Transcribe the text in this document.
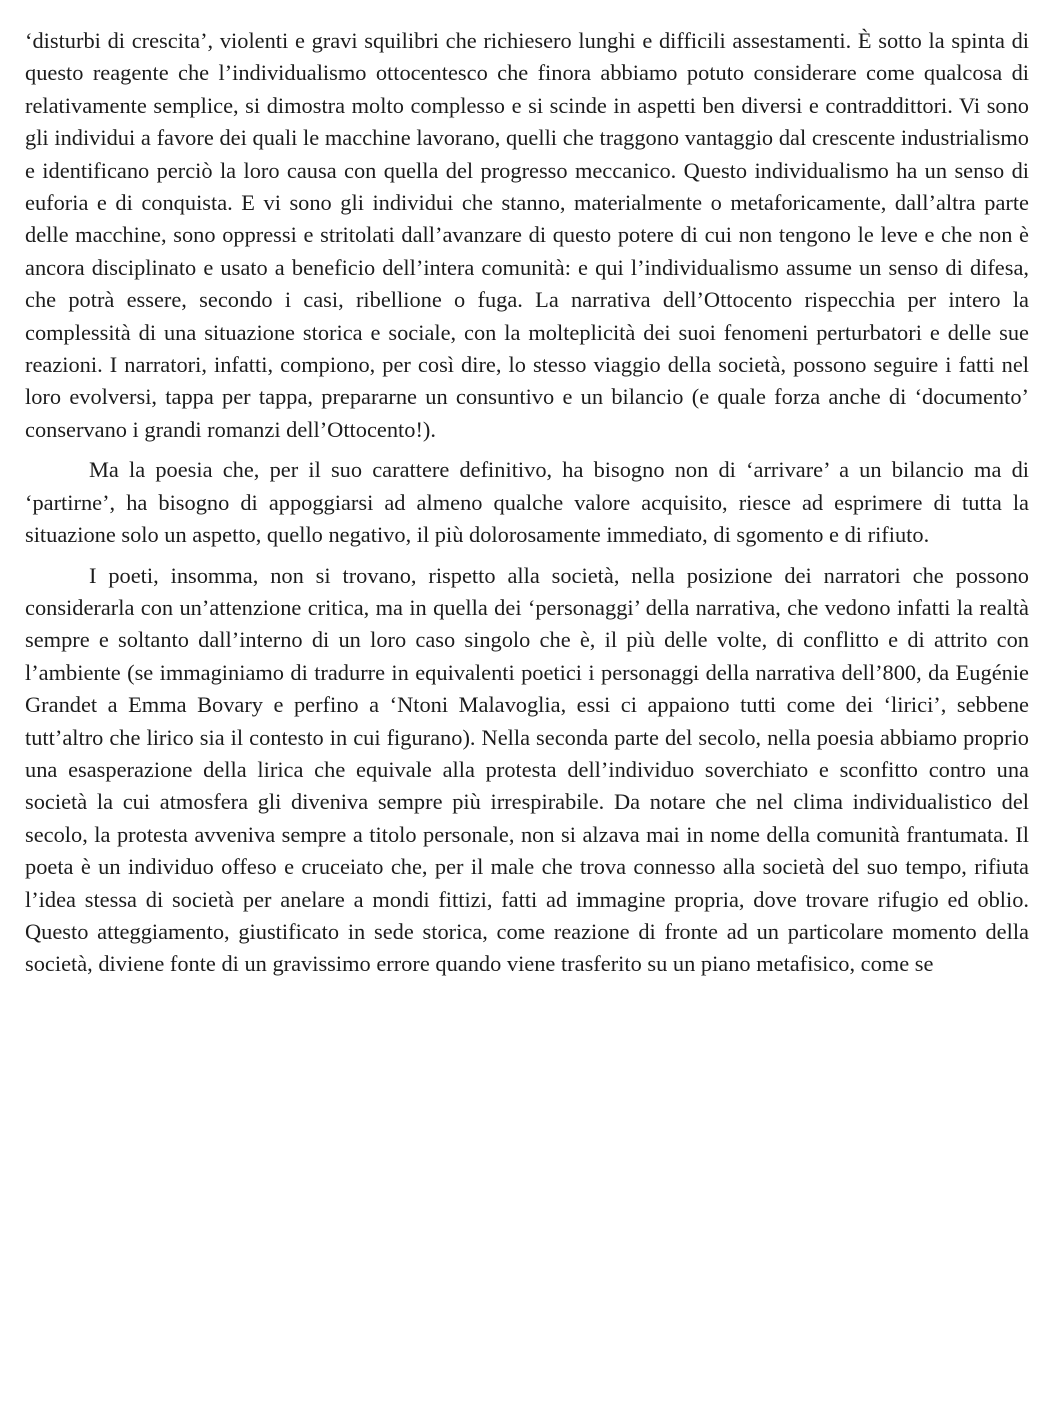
‘disturbi di crescita’, violenti e gravi squilibri che richiesero lunghi e difficili assestamenti. È sotto la spinta di questo reagente che l’individualismo ottocentesco che finora abbiamo potuto considerare come qualcosa di relativamente semplice, si dimostra molto complesso e si scinde in aspetti ben diversi e contraddittori. Vi sono gli individui a favore dei quali le macchine lavorano, quelli che traggono vantaggio dal crescente industrialismo e identificano perciò la loro causa con quella del progresso meccanico. Questo individualismo ha un senso di euforia e di conquista. E vi sono gli individui che stanno, materialmente o metaforicamente, dall’altra parte delle macchine, sono oppressi e stritolati dall’avanzare di questo potere di cui non tengono le leve e che non è ancora disciplinato e usato a beneficio dell’intera comunità: e qui l’individualismo assume un senso di difesa, che potrà essere, secondo i casi, ribellione o fuga. La narrativa dell’Ottocento rispecchia per intero la complessità di una situazione storica e sociale, con la molteplicità dei suoi fenomeni perturbatori e delle sue reazioni. I narratori, infatti, compiono, per così dire, lo stesso viaggio della società, possono seguire i fatti nel loro evolversi, tappa per tappa, prepararne un consuntivo e un bilancio (e quale forza anche di ‘documento’ conservano i grandi romanzi dell’Ottocento!).

Ma la poesia che, per il suo carattere definitivo, ha bisogno non di ‘arrivare’ a un bilancio ma di ‘partirne’, ha bisogno di appoggiarsi ad almeno qualche valore acquisito, riesce ad esprimere di tutta la situazione solo un aspetto, quello negativo, il più dolorosamente immediato, di sgomento e di rifiuto.

I poeti, insomma, non si trovano, rispetto alla società, nella posizione dei narratori che possono considerarla con un’attenzione critica, ma in quella dei ‘personaggi’ della narrativa, che vedono infatti la realtà sempre e soltanto dall’interno di un loro caso singolo che è, il più delle volte, di conflitto e di attrito con l’ambiente (se immaginiamo di tradurre in equivalenti poetici i personaggi della narrativa dell’800, da Eugénie Grandet a Emma Bovary e perfino a ‘Ntoni Malavoglia, essi ci appaiono tutti come dei ‘lirici’, sebbene tutt’altro che lirico sia il contesto in cui figurano). Nella seconda parte del secolo, nella poesia abbiamo proprio una esasperazione della lirica che equivale alla protesta dell’individuo soverchiato e sconfitto contro una società la cui atmosfera gli diveniva sempre più irrespirabile. Da notare che nel clima individualistico del secolo, la protesta avveniva sempre a titolo personale, non si alzava mai in nome della comunità frantumata. Il poeta è un individuo offeso e cruceiato che, per il male che trova connesso alla società del suo tempo, rifiuta l’idea stessa di società per anelare a mondi fittizi, fatti ad immagine propria, dove trovare rifugio ed oblio. Questo atteggiamento, giustificato in sede storica, come reazione di fronte ad un particolare momento della società, diviene fonte di un gravissimo errore quando viene trasferito su un piano metafisico, come se
